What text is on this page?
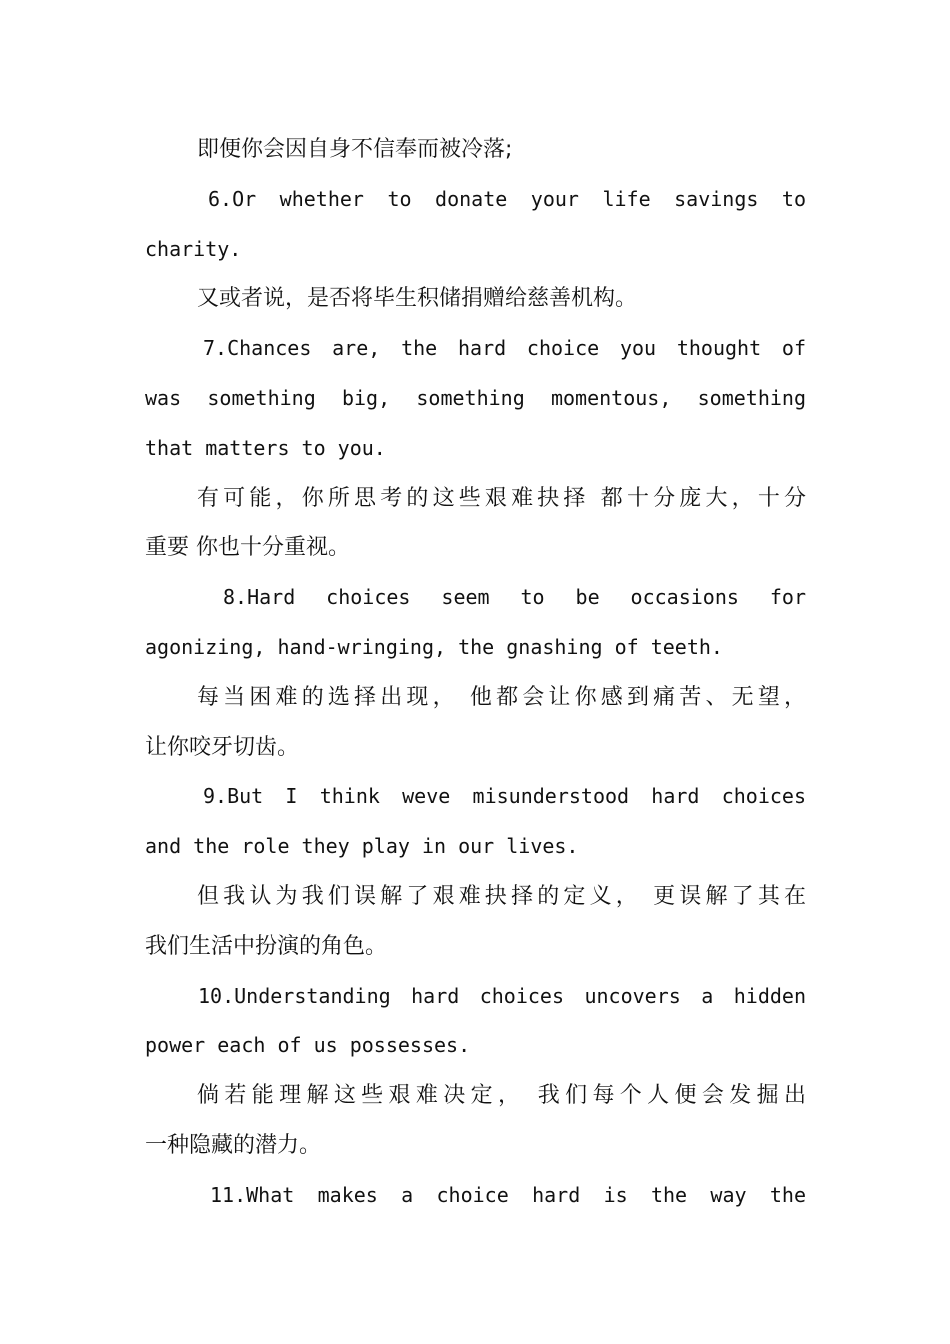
即便你会因自身不信奉而被冷落;
6.Or whether to donate your life savings to
charity.
又或者说，是否将毕生积储捐赠给慈善机构。
7.Chances are, the hard choice you thought of
was something big, something momentous, something
that matters to you.
有可能，你所思考的这些艰难抉择 都十分庞大，十分
重要 你也十分重视。
8.Hard choices seem to be occasions for
agonizing, hand-wringing, the gnashing of teeth.
每当困难的选择出现， 他都会让你感到痛苦、无望，
让你咬牙切齿。
9.But I think weve misunderstood hard choices
and the role they play in our lives.
但我认为我们误解了艰难抉择的定义， 更误解了其在
我们生活中扮演的角色。
10.Understanding hard choices uncovers a hidden
power each of us possesses.
倘若能理解这些艰难决定， 我们每个人便会发掘出
一种隐藏的潜力。
11.What makes a choice hard is the way the
